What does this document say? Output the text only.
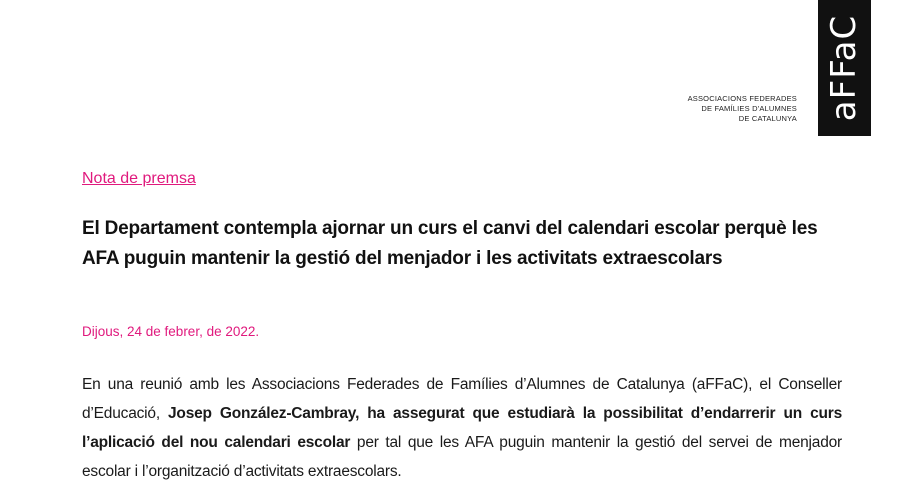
aFFaC
ASSOCIACIONS FEDERADES
DE FAMÍLIES D'ALUMNES
DE CATALUNYA
Nota de premsa
El Departament contempla ajornar un curs el canvi del calendari escolar perquè les AFA puguin mantenir la gestió del menjador i les activitats extraescolars
Dijous, 24 de febrer, de 2022.
En una reunió amb les Associacions Federades de Famílies d’Alumnes de Catalunya (aFFaC), el Conseller d’Educació, Josep González-Cambray, ha assegurat que estudiarà la possibilitat d’endarrerir un curs l’aplicació del nou calendari escolar per tal que les AFA puguin mantenir la gestió del servei de menjador escolar i l’organització d’activitats extraescolars.
